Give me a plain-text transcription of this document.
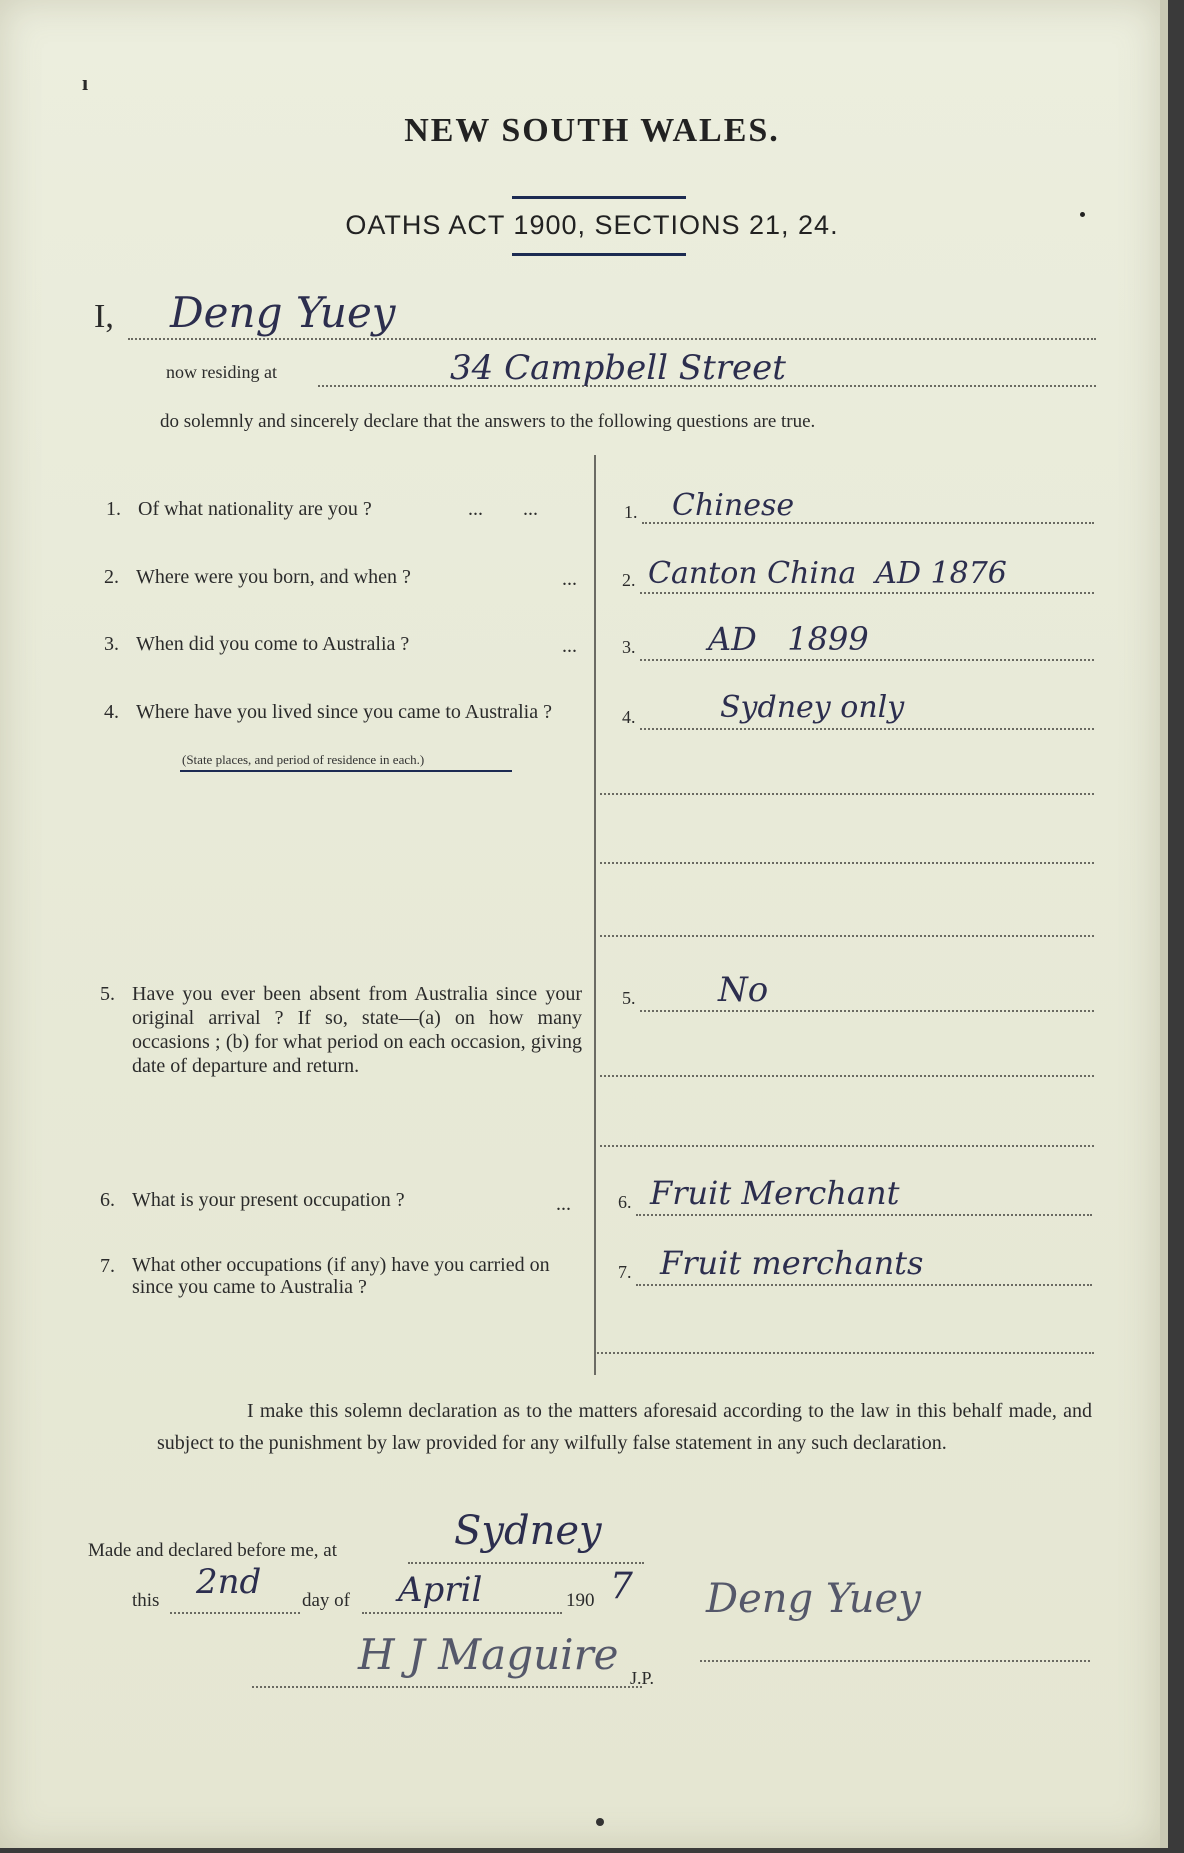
ı
NEW SOUTH WALES.
OATHS ACT 1900, SECTIONS 21, 24.
I, Deng Yuey
now residing at	34 Campbell Street
do solemnly and sincerely declare that the answers to the following questions are true.
1. Of what nationality are you ?	...        ...	1. Chinese
2. Where were you born, and when ?	...	2. Canton China  AD 1876
3. When did you come to Australia ?	...	3. AD   1899
4. Where have you lived since you came to Australia ?
(State places, and period of residence in each.)
4.	Sydney only
5. Have you ever been absent from Australia since your original arrival ? If so, state—(a) on how many occasions ; (b) for what period on each occasion, giving date of departure and return.
5. No
6. What is your present occupation ?	...	6. Fruit Merchant
7. What other occupations (if any) have you carried on since you came to Australia ?
7. Fruit merchants
I make this solemn declaration as to the matters aforesaid according to the law in this behalf made, and subject to the punishment by law provided for any wilfully false statement in any such declaration.
Made and declared before me, at	Sydney
this 2nd day of April	190 7 Deng Yuey
H J Maguire J.P.
